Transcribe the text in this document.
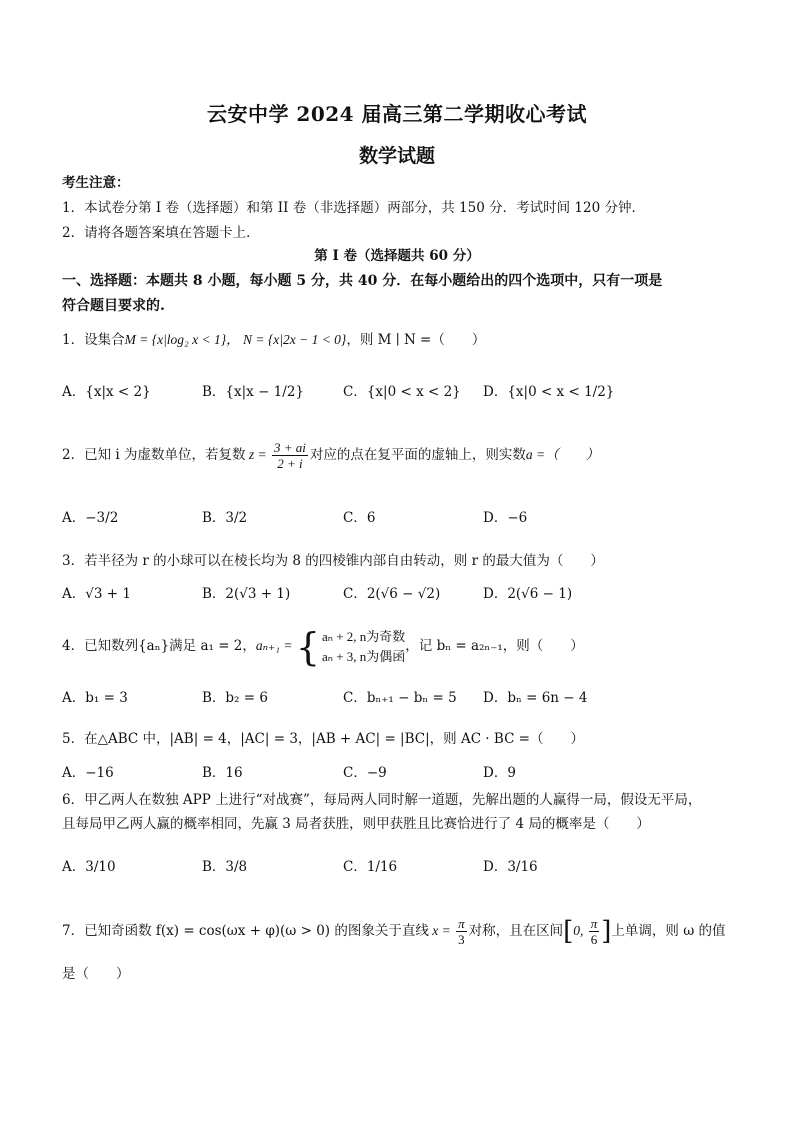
云安中学 2024 届高三第二学期收心考试
数学试题
考生注意：
1．本试卷分第 I 卷（选择题）和第 II 卷（非选择题）两部分，共 150 分．考试时间 120 分钟．
2．请将各题答案填在答题卡上．
第 I 卷（选择题共 60 分）
一、选择题：本题共 8 小题，每小题 5 分，共 40 分．在每小题给出的四个选项中，只有一项是
符合题目要求的.
1．设集合M = {x|log₂ x < 1}， N = {x|2x − 1 < 0}，则 M ∣ N =（　　）
A．{x|x < 2}	B．{x|x − 1/2}	C．{x|0 < x < 2} D．{x|0 < x < 1/2}
2．已知 i 为虚数单位，若复数 $z = \frac{3 + ai}{2 + i}$ 对应的点在复平面的虚轴上，则实数a =（　　）
A．−3/2	B．3/2	C．6	D．−6
3．若半径为 r 的小球可以在棱长均为 8 的四棱锥内部自由转动，则 r 的最大值为（　　）
A．√3 + 1	B．2(√3 + 1)	C．2(√6 − √2)	D．2(√6 − 1)
4．已知数列{aₙ}满足 a₁ = 2，aₙ₊₁ = { aₙ + 2, n为奇数
aₙ + 3, n为偶函
，记 bₙ = a₂ₙ₋₁，则（　　）
A．b₁ = 3	B．b₂ = 6	C．bₙ₊₁ − bₙ = 5 D．bₙ = 6n − 4
5．在△ABC 中，|AB| = 4，|AC| = 3，|AB + AC| = |BC|，则 AC · BC =（　　）
A．−16	B．16	C．−9	D．9
6．甲乙两人在数独 APP 上进行“对战赛”，每局两人同时解一道题，先解出题的人赢得一局，假设无平局，
且每局甲乙两人赢的概率相同，先赢 3 局者获胜，则甲获胜且比赛恰进行了 4 局的概率是（　　）
A．3/10	B．3/8	C．1/16	D．3/16
7．已知奇函数 f(x) = cos(ωx + φ)(ω > 0) 的图象关于直线 $x = \frac{\pi}{3}$ 对称，且在区间[0, $\frac{\pi}{6}$ ]上单调，则 ω 的值
是（　　）
